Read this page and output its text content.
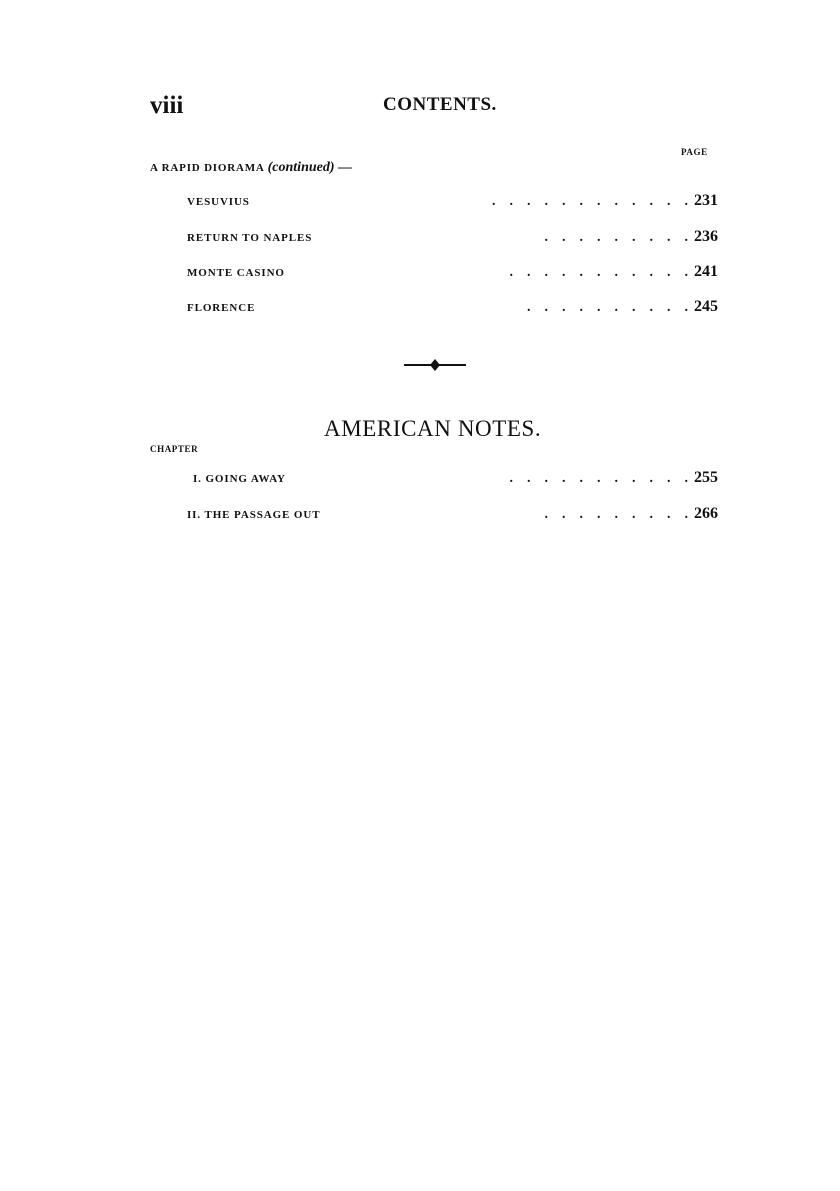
viii	CONTENTS.
PAGE
A RAPID DIORAMA (continued) —
VESUVIUS	.    .    .    .    .    .    .    .    .    .    .    . 231
RETURN TO NAPLES	.    .    .    .    .    .    .    .    . 236
MONTE CASINO	.    .    .    .    .    .    .    .    .    .    . 241
FLORENCE	.    .    .    .    .    .    .    .    .    . 245
AMERICAN NOTES.
CHAPTER
I. GOING AWAY	.    .    .    .    .    .    .    .    .    .    . 255
II. THE PASSAGE OUT	.    .    .    .    .    .    .    .    . 266
